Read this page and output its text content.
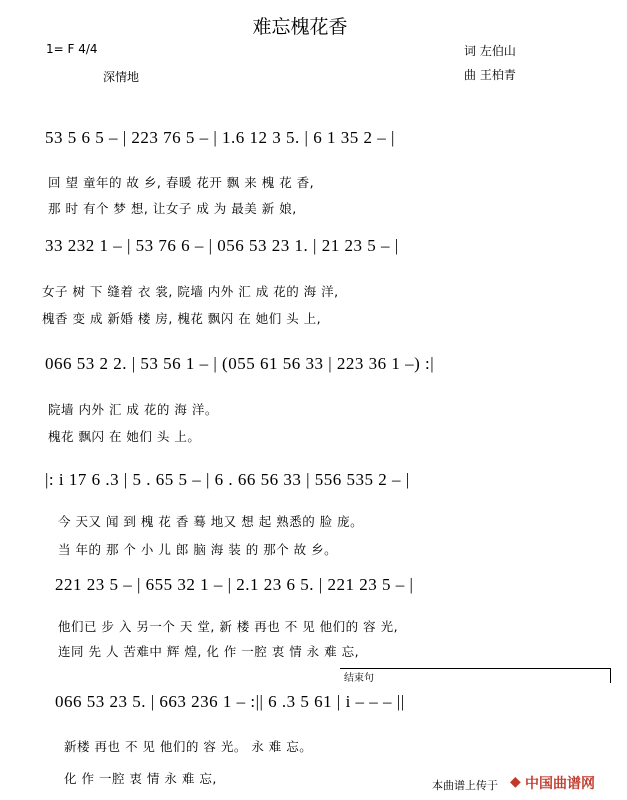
难忘槐花香
1= F 4/4
深情地
词 左伯山
曲 王柏青
53 5 6 5 – | 223 76 5 – | 1.6 12 3 5. | 6 1 35 2 – |
回 望 童年的 故 乡, 春暖 花开 飘 来 槐 花 香,
那 时 有个 梦 想, 让女子 成 为 最美 新 娘,
33 232 1 – | 53 76 6 – | 056 53 23 1. | 21 23 5 – |
女子 树 下 缝着 衣 裳, 院墙 内外 汇 成 花的 海 洋,
槐香 变 成 新婚 楼 房, 槐花 飘闪 在 她们 头 上,
066 53 2 2. | 53 56 1 – | (055 61 56 33 | 223 36 1 –) :|
院墙 内外 汇 成 花的 海 洋。
槐花 飘闪 在 她们 头 上。
|: i 17 6 .3 | 5 . 65 5 – | 6 . 66 56 33 | 556 535 2 – |
今 天又 闻 到 槐 花 香 蓦 地又 想 起 熟悉的 脸 庞。
当 年的 那 个 小 儿 郎 脑 海 装 的 那个 故 乡。
221 23 5 – | 655 32 1 – | 2.1 23 6 5. | 221 23 5 – |
他们已 步 入 另一个 天 堂, 新 楼 再也 不 见 他们的 容 光,
连同 先 人 苦难中 辉 煌, 化 作 一腔 衷 情 永 难 忘,
结束句
066 53 23 5. | 663 236 1 – :|| 6 .3 5 61 | i – – – ||
新楼 再也 不 见 他们的 容 光。 永 难 忘。
化 作 一腔 衷 情 永 难 忘,	本曲谱上传于 ◆ 中国曲谱网
